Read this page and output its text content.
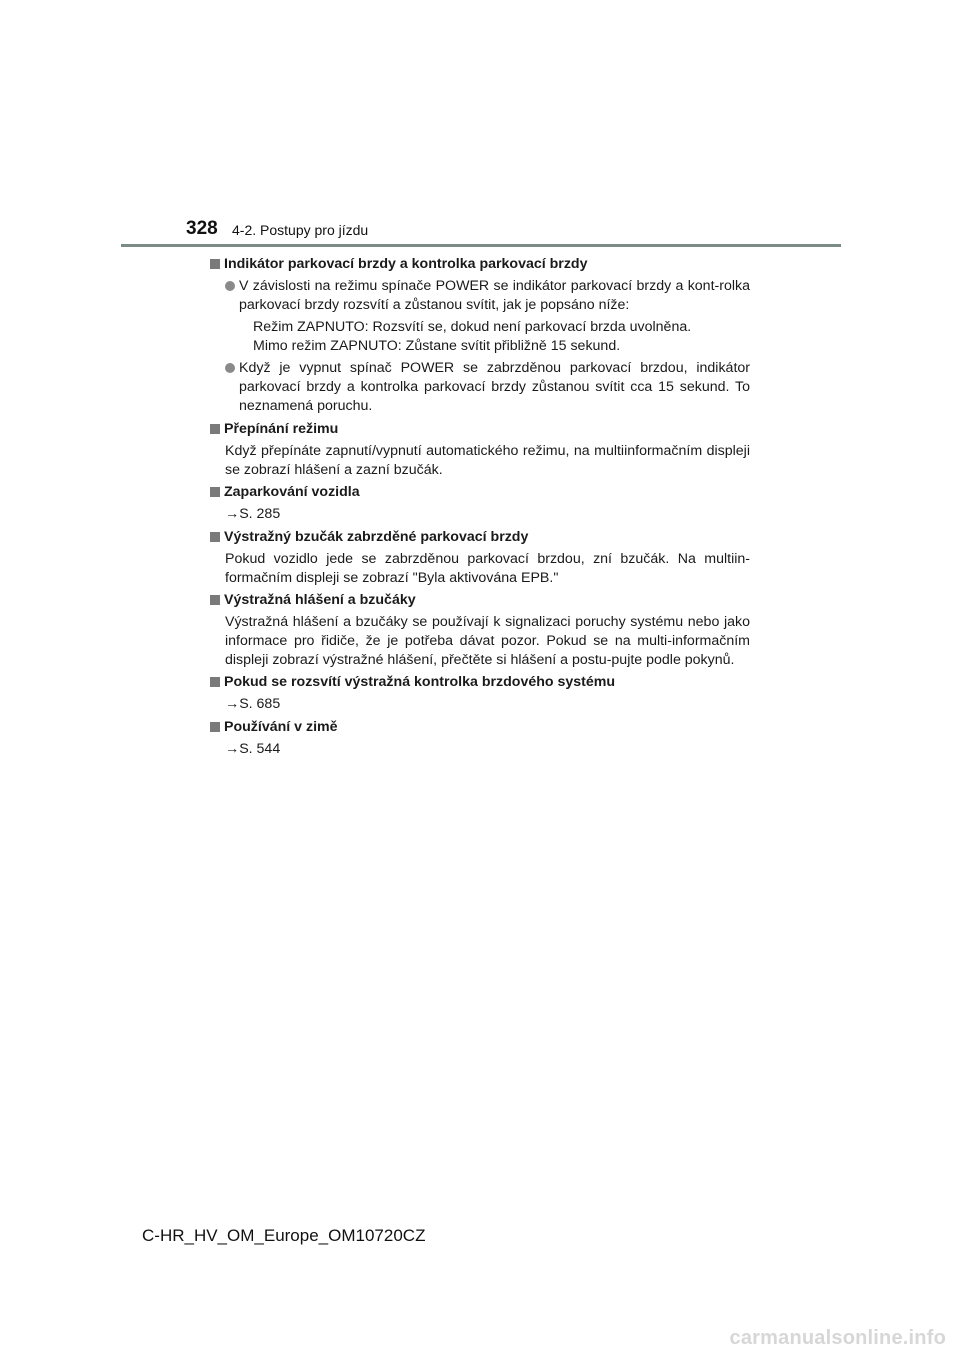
328 4-2. Postupy pro jízdu
Indikátor parkovací brzdy a kontrolka parkovací brzdy
V závislosti na režimu spínače POWER se indikátor parkovací brzdy a kont-rolka parkovací brzdy rozsvítí a zůstanou svítit, jak je popsáno níže:
Režim ZAPNUTO: Rozsvítí se, dokud není parkovací brzda uvolněna.
Mimo režim ZAPNUTO: Zůstane svítit přibližně 15 sekund.
Když je vypnut spínač POWER se zabrzděnou parkovací brzdou, indikátor parkovací brzdy a kontrolka parkovací brzdy zůstanou svítit cca 15 sekund. To neznamená poruchu.
Přepínání režimu
Když přepínáte zapnutí/vypnutí automatického režimu, na multiinformačním displeji se zobrazí hlášení a zazní bzučák.
Zaparkování vozidla
→S. 285
Výstražný bzučák zabrzděné parkovací brzdy
Pokud vozidlo jede se zabrzděnou parkovací brzdou, zní bzučák. Na multiin-formačním displeji se zobrazí "Byla aktivována EPB."
Výstražná hlášení a bzučáky
Výstražná hlášení a bzučáky se používají k signalizaci poruchy systému nebo jako informace pro řidiče, že je potřeba dávat pozor. Pokud se na multi-informačním displeji zobrazí výstražné hlášení, přečtěte si hlášení a postu-pujte podle pokynů.
Pokud se rozsvítí výstražná kontrolka brzdového systému
→S. 685
Používání v zimě
→S. 544
C-HR_HV_OM_Europe_OM10720CZ
carmanualsonline.info
